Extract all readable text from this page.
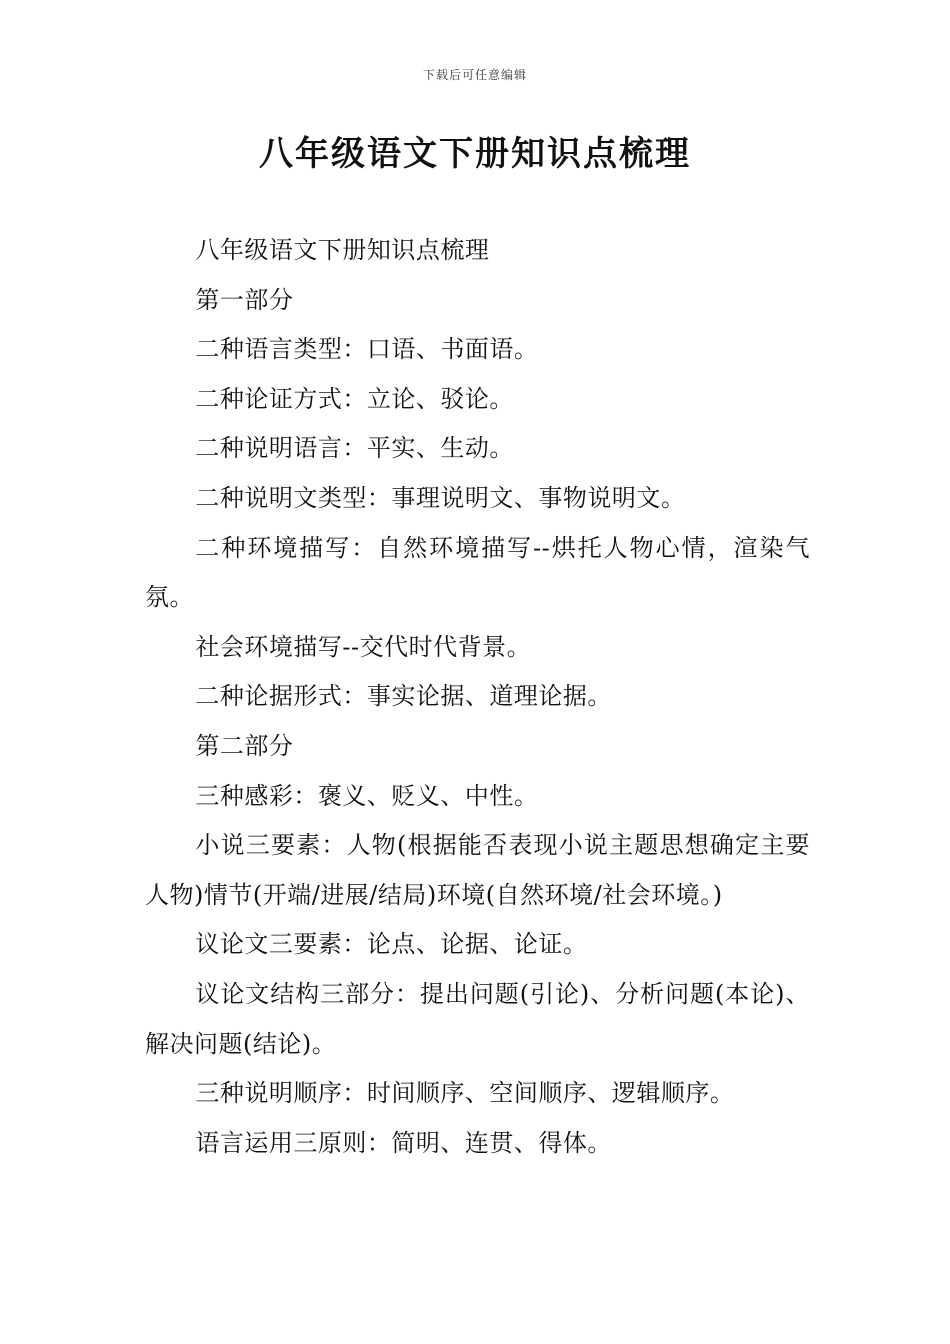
下载后可任意编辑
八年级语文下册知识点梳理

八年级语文下册知识点梳理

第一部分

二种语言类型：口语、书面语。

二种论证方式：立论、驳论。

二种说明语言：平实、生动。

二种说明文类型：事理说明文、事物说明文。

二种环境描写：自然环境描写--烘托人物心情，渲染气氛。

社会环境描写--交代时代背景。

二种论据形式：事实论据、道理论据。

第二部分

三种感彩：褒义、贬义、中性。

小说三要素：人物(根据能否表现小说主题思想确定主要人物)情节(开端/进展/结局)环境(自然环境/社会环境。)

议论文三要素：论点、论据、论证。

议论文结构三部分：提出问题(引论)、分析问题(本论)、解决问题(结论)。

三种说明顺序：时间顺序、空间顺序、逻辑顺序。

语言运用三原则：简明、连贯、得体。
